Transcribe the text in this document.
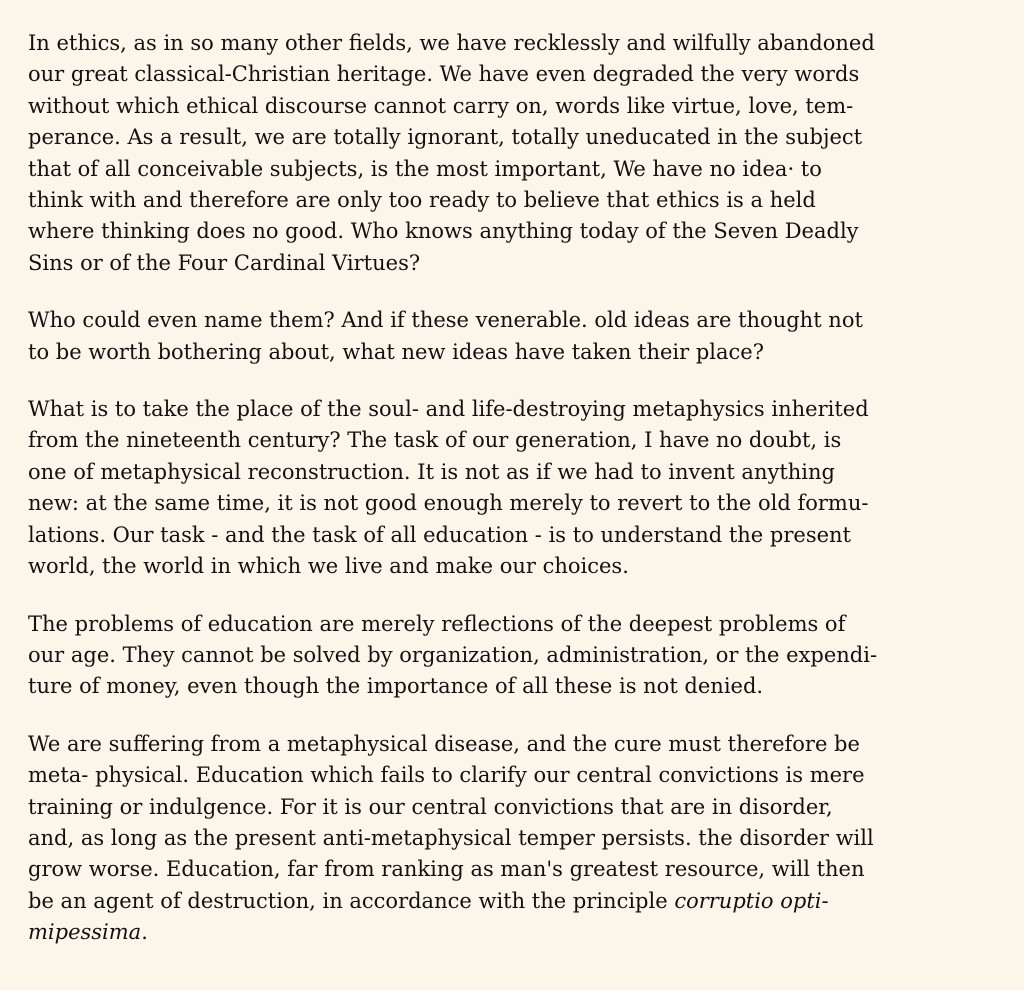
In ethics, as in so many other fields, we have recklessly and wilfully abandoned
our great classical-Christian heritage. We have even degraded the very words
without which ethical discourse cannot carry on, words like virtue, love, tem-
perance. As a result, we are totally ignorant, totally uneducated in the subject
that of all conceivable subjects, is the most important, We have no idea· to
think with and therefore are only too ready to believe that ethics is a held
where thinking does no good. Who knows anything today of the Seven Deadly
Sins or of the Four Cardinal Virtues?

Who could even name them? And if these venerable. old ideas are thought not
to be worth bothering about, what new ideas have taken their place?

What is to take the place of the soul- and life-destroying metaphysics inherited
from the nineteenth century? The task of our generation, I have no doubt, is
one of metaphysical reconstruction. It is not as if we had to invent anything
new: at the same time, it is not good enough merely to revert to the old formu-
lations. Our task - and the task of all education - is to understand the present
world, the world in which we live and make our choices.

The problems of education are merely reflections of the deepest problems of
our age. They cannot be solved by organization, administration, or the expendi-
ture of money, even though the importance of all these is not denied.

We are suffering from a metaphysical disease, and the cure must therefore be
meta- physical. Education which fails to clarify our central convictions is mere
training or indulgence. For it is our central convictions that are in disorder,
and, as long as the present anti-metaphysical temper persists. the disorder will
grow worse. Education, far from ranking as man's greatest resource, will then
be an agent of destruction, in accordance with the principle corruptio opti-
mipessima.
